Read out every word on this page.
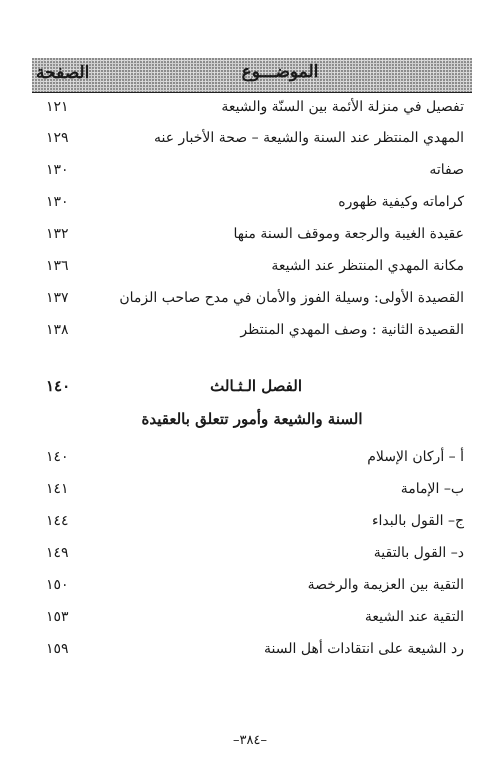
الصفحة	الموضـــوع
تفصيل في منزلة الأئمة بين السنّة والشيعة
١٢١
المهدي المنتظر عند السنة والشيعة – صحة الأخبار عنه
١٢٩
صفاته
١٣٠
كراماته وكيفية ظهوره
١٣٠
عقيدة الغيبة والرجعة وموقف السنة منها
١٣٢
مكانة المهدي المنتظر عند الشيعة
١٣٦
القصيدة الأولى: وسيلة الفوز والأمان في مدح صاحب الزمان
١٣٧
القصيدة الثانية : وصف المهدي المنتظر
١٣٨
الفصل الـثـالث
١٤٠
السنة والشيعة وأمور تتعلق بالعقيدة
أ – أركان الإسلام
١٤٠
ب– الإمامة
١٤١
ج– القول بالبداء
١٤٤
د– القول بالتقية
١٤٩
التقية بين العزيمة والرخصة
١٥٠
التقية عند الشيعة
١٥٣
رد الشيعة على انتقادات أهل السنة
١٥٩
–٣٨٤–
